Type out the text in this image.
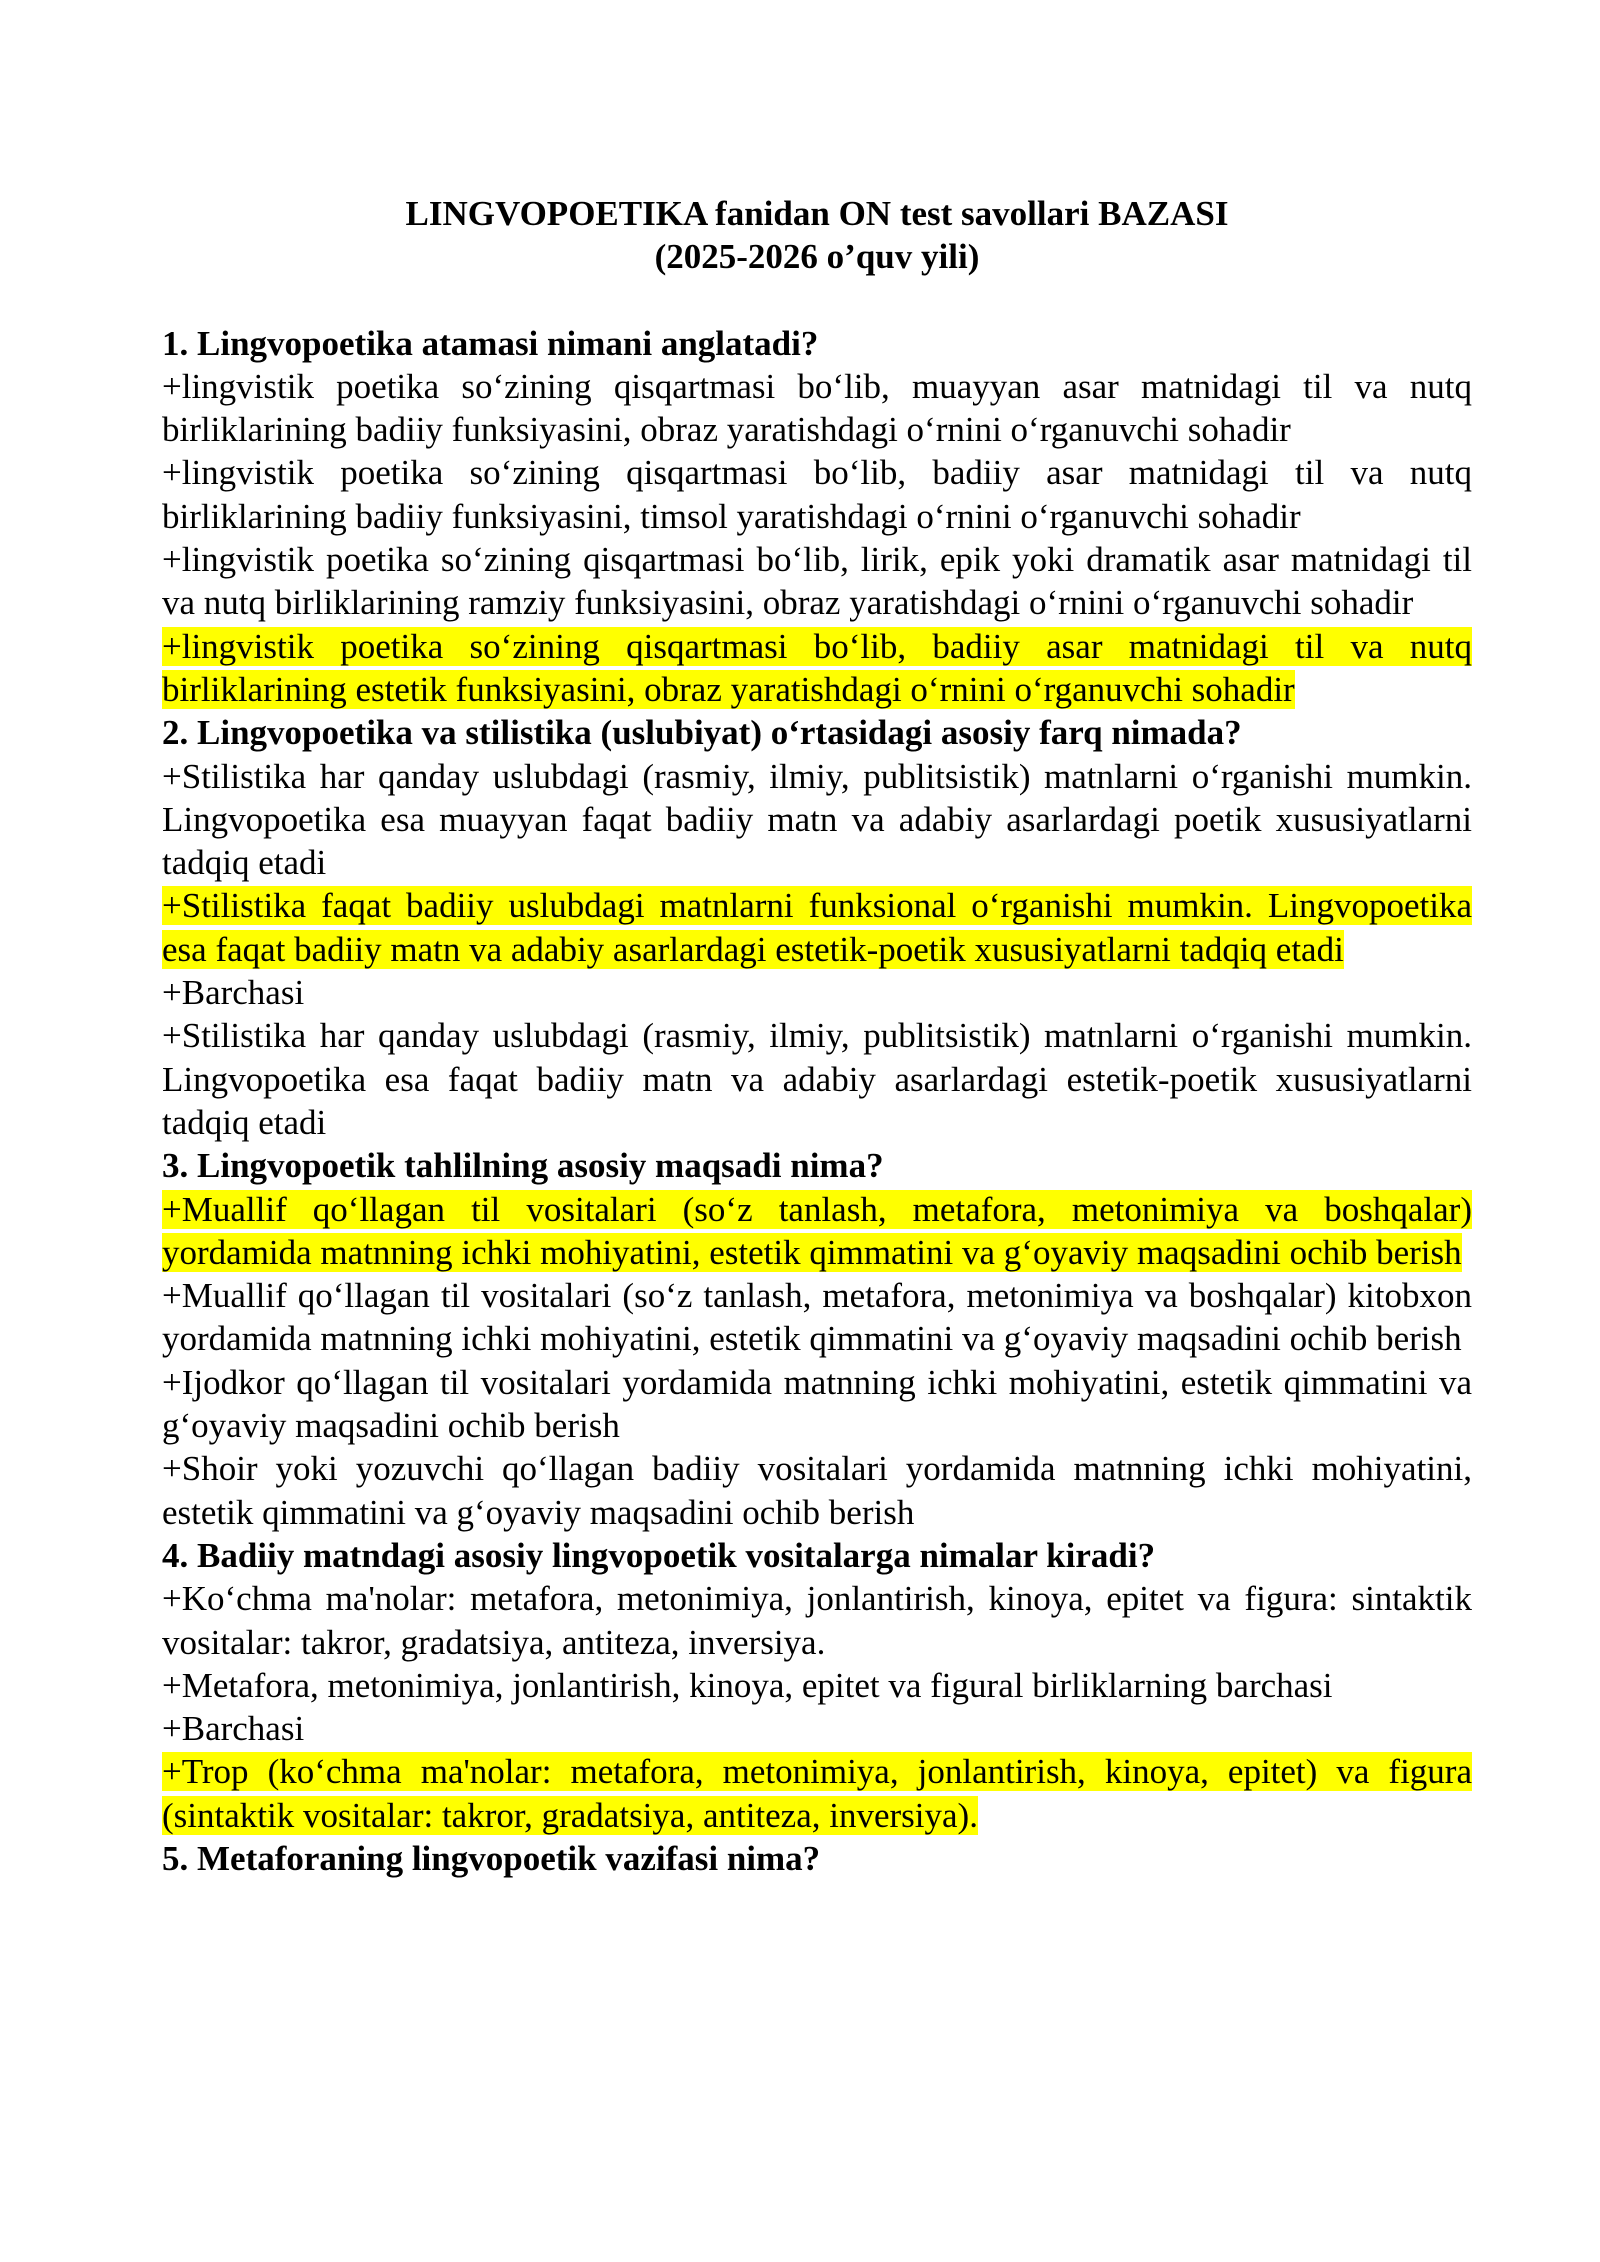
LINGVOPOETIKA fanidan ON test savollari BAZASI

(2025-2026 o’quv yili)

1. Lingvopoetika atamasi nimani anglatadi?

+lingvistik poetika so‘zining qisqartmasi bo‘lib, muayyan asar matnidagi til va nutq birliklarining badiiy funksiyasini, obraz yaratishdagi o‘rnini o‘rganuvchi sohadir

+lingvistik poetika so‘zining qisqartmasi bo‘lib, badiiy asar matnidagi til va nutq birliklarining badiiy funksiyasini, timsol yaratishdagi o‘rnini o‘rganuvchi sohadir

+lingvistik poetika so‘zining qisqartmasi bo‘lib, lirik, epik yoki dramatik asar matnidagi til va nutq birliklarining ramziy funksiyasini, obraz yaratishdagi o‘rnini o‘rganuvchi sohadir

+lingvistik poetika so‘zining qisqartmasi bo‘lib, badiiy asar matnidagi til va nutq birliklarining estetik funksiyasini, obraz yaratishdagi o‘rnini o‘rganuvchi sohadir

2. Lingvopoetika va stilistika (uslubiyat) o‘rtasidagi asosiy farq nimada?

+Stilistika har qanday uslubdagi (rasmiy, ilmiy, publitsistik) matnlarni o‘rganishi mumkin. Lingvopoetika esa muayyan faqat badiiy matn va adabiy asarlardagi poetik xususiyatlarni tadqiq etadi

+Stilistika faqat badiiy uslubdagi matnlarni funksional o‘rganishi mumkin. Lingvopoetika esa faqat badiiy matn va adabiy asarlardagi estetik-poetik xususiyatlarni tadqiq etadi

+Barchasi

+Stilistika har qanday uslubdagi (rasmiy, ilmiy, publitsistik) matnlarni o‘rganishi mumkin. Lingvopoetika esa faqat badiiy matn va adabiy asarlardagi estetik-poetik xususiyatlarni tadqiq etadi

3. Lingvopoetik tahlilning asosiy maqsadi nima?

+Muallif qo‘llagan til vositalari (so‘z tanlash, metafora, metonimiya va boshqalar) yordamida matnning ichki mohiyatini, estetik qimmatini va g‘oyaviy maqsadini ochib berish

+Muallif qo‘llagan til vositalari (so‘z tanlash, metafora, metonimiya va boshqalar) kitobxon yordamida matnning ichki mohiyatini, estetik qimmatini va g‘oyaviy maqsadini ochib berish

+Ijodkor qo‘llagan til vositalari yordamida matnning ichki mohiyatini, estetik qimmatini va g‘oyaviy maqsadini ochib berish

+Shoir yoki yozuvchi qo‘llagan badiiy vositalari yordamida matnning ichki mohiyatini, estetik qimmatini va g‘oyaviy maqsadini ochib berish

4. Badiiy matndagi asosiy lingvopoetik vositalarga nimalar kiradi?

+Ko‘chma ma'nolar: metafora, metonimiya, jonlantirish, kinoya, epitet va figura: sintaktik vositalar: takror, gradatsiya, antiteza, inversiya.

+Metafora, metonimiya, jonlantirish, kinoya, epitet va figural birliklarning barchasi

+Barchasi

+Trop (ko‘chma ma'nolar: metafora, metonimiya, jonlantirish, kinoya, epitet) va figura (sintaktik vositalar: takror, gradatsiya, antiteza, inversiya).

5. Metaforaning lingvopoetik vazifasi nima?
